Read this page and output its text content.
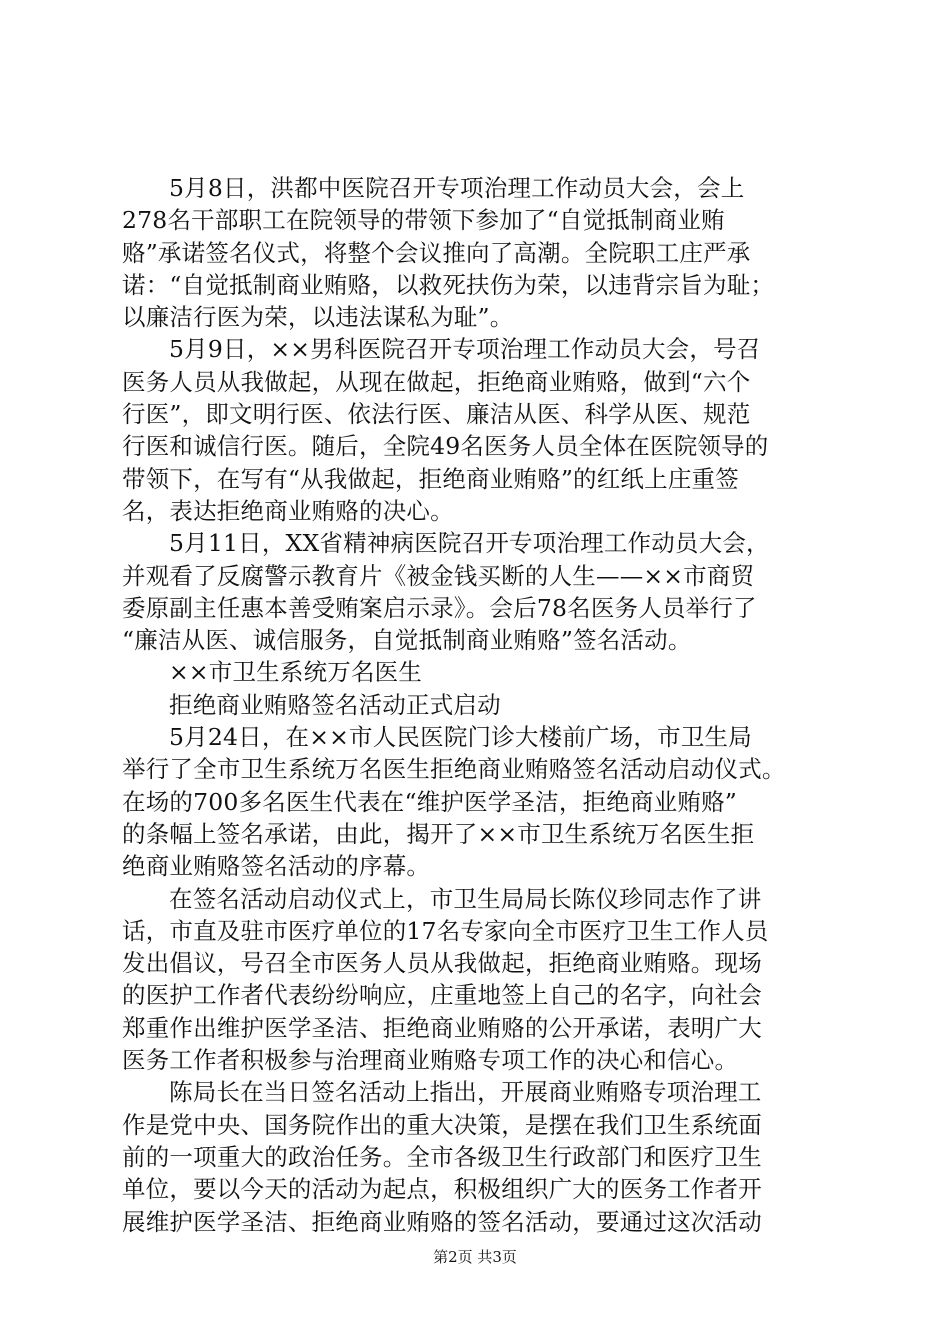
5月8日，洪都中医院召开专项治理工作动员大会，会上
278名干部职工在院领导的带领下参加了“自觉抵制商业贿
赂”承诺签名仪式，将整个会议推向了高潮。全院职工庄严承
诺：“自觉抵制商业贿赂，以救死扶伤为荣，以违背宗旨为耻；
以廉洁行医为荣，以违法谋私为耻”。
5月9日，××男科医院召开专项治理工作动员大会，号召
医务人员从我做起，从现在做起，拒绝商业贿赂，做到“六个
行医”，即文明行医、依法行医、廉洁从医、科学从医、规范
行医和诚信行医。随后，全院49名医务人员全体在医院领导的
带领下，在写有“从我做起，拒绝商业贿赂”的红纸上庄重签
名，表达拒绝商业贿赂的决心。
5月11日，XX省精神病医院召开专项治理工作动员大会，
并观看了反腐警示教育片《被金钱买断的人生——××市商贸
委原副主任惠本善受贿案启示录》。会后78名医务人员举行了
“廉洁从医、诚信服务，自觉抵制商业贿赂”签名活动。
××市卫生系统万名医生
拒绝商业贿赂签名活动正式启动
5月24日，在××市人民医院门诊大楼前广场，市卫生局
举行了全市卫生系统万名医生拒绝商业贿赂签名活动启动仪式。
在场的700多名医生代表在“维护医学圣洁，拒绝商业贿赂”
的条幅上签名承诺，由此，揭开了××市卫生系统万名医生拒
绝商业贿赂签名活动的序幕。
在签名活动启动仪式上，市卫生局局长陈仪珍同志作了讲
话，市直及驻市医疗单位的17名专家向全市医疗卫生工作人员
发出倡议，号召全市医务人员从我做起，拒绝商业贿赂。现场
的医护工作者代表纷纷响应，庄重地签上自己的名字，向社会
郑重作出维护医学圣洁、拒绝商业贿赂的公开承诺，表明广大
医务工作者积极参与治理商业贿赂专项工作的决心和信心。
陈局长在当日签名活动上指出，开展商业贿赂专项治理工
作是党中央、国务院作出的重大决策，是摆在我们卫生系统面
前的一项重大的政治任务。全市各级卫生行政部门和医疗卫生
单位，要以今天的活动为起点，积极组织广大的医务工作者开
展维护医学圣洁、拒绝商业贿赂的签名活动，要通过这次活动
第2页 共3页
